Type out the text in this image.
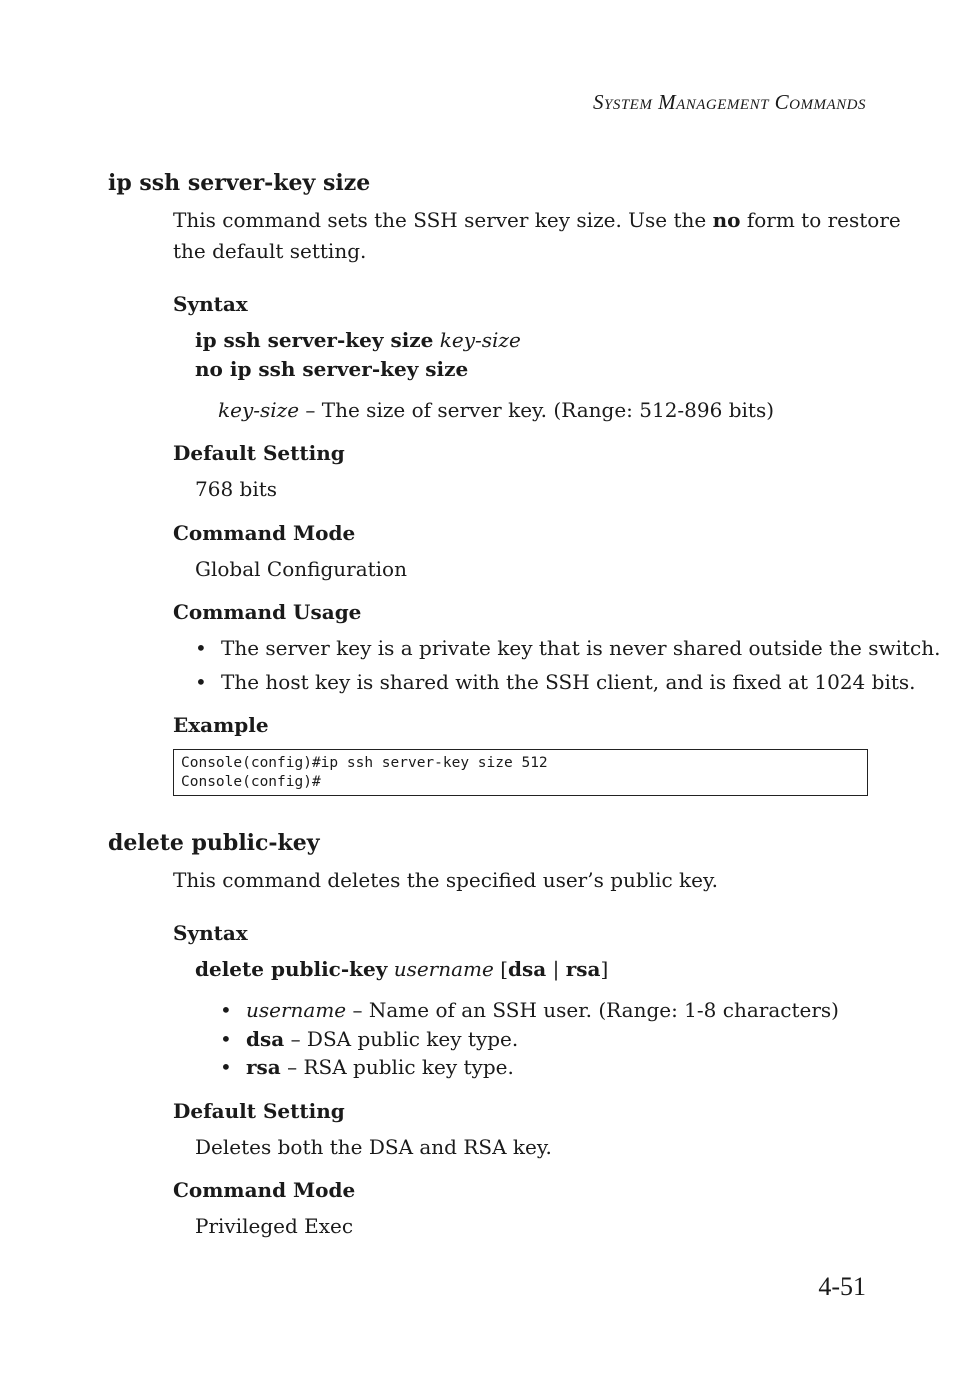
System Management Commands
ip ssh server-key size
This command sets the SSH server key size. Use the no form to restore
the default setting.
Syntax
ip ssh server-key size key-size
no ip ssh server-key size
key-size – The size of server key. (Range: 512-896 bits)
Default Setting
768 bits
Command Mode
Global Configuration
Command Usage
• The server key is a private key that is never shared outside the switch.
• The host key is shared with the SSH client, and is fixed at 1024 bits.
Example
Console(config)#ip ssh server-key size 512
Console(config)#
delete public-key
This command deletes the specified user’s public key.
Syntax
delete public-key username [dsa | rsa]
• username – Name of an SSH user. (Range: 1-8 characters)
• dsa – DSA public key type.
• rsa – RSA public key type.
Default Setting
Deletes both the DSA and RSA key.
Command Mode
Privileged Exec
4-51
